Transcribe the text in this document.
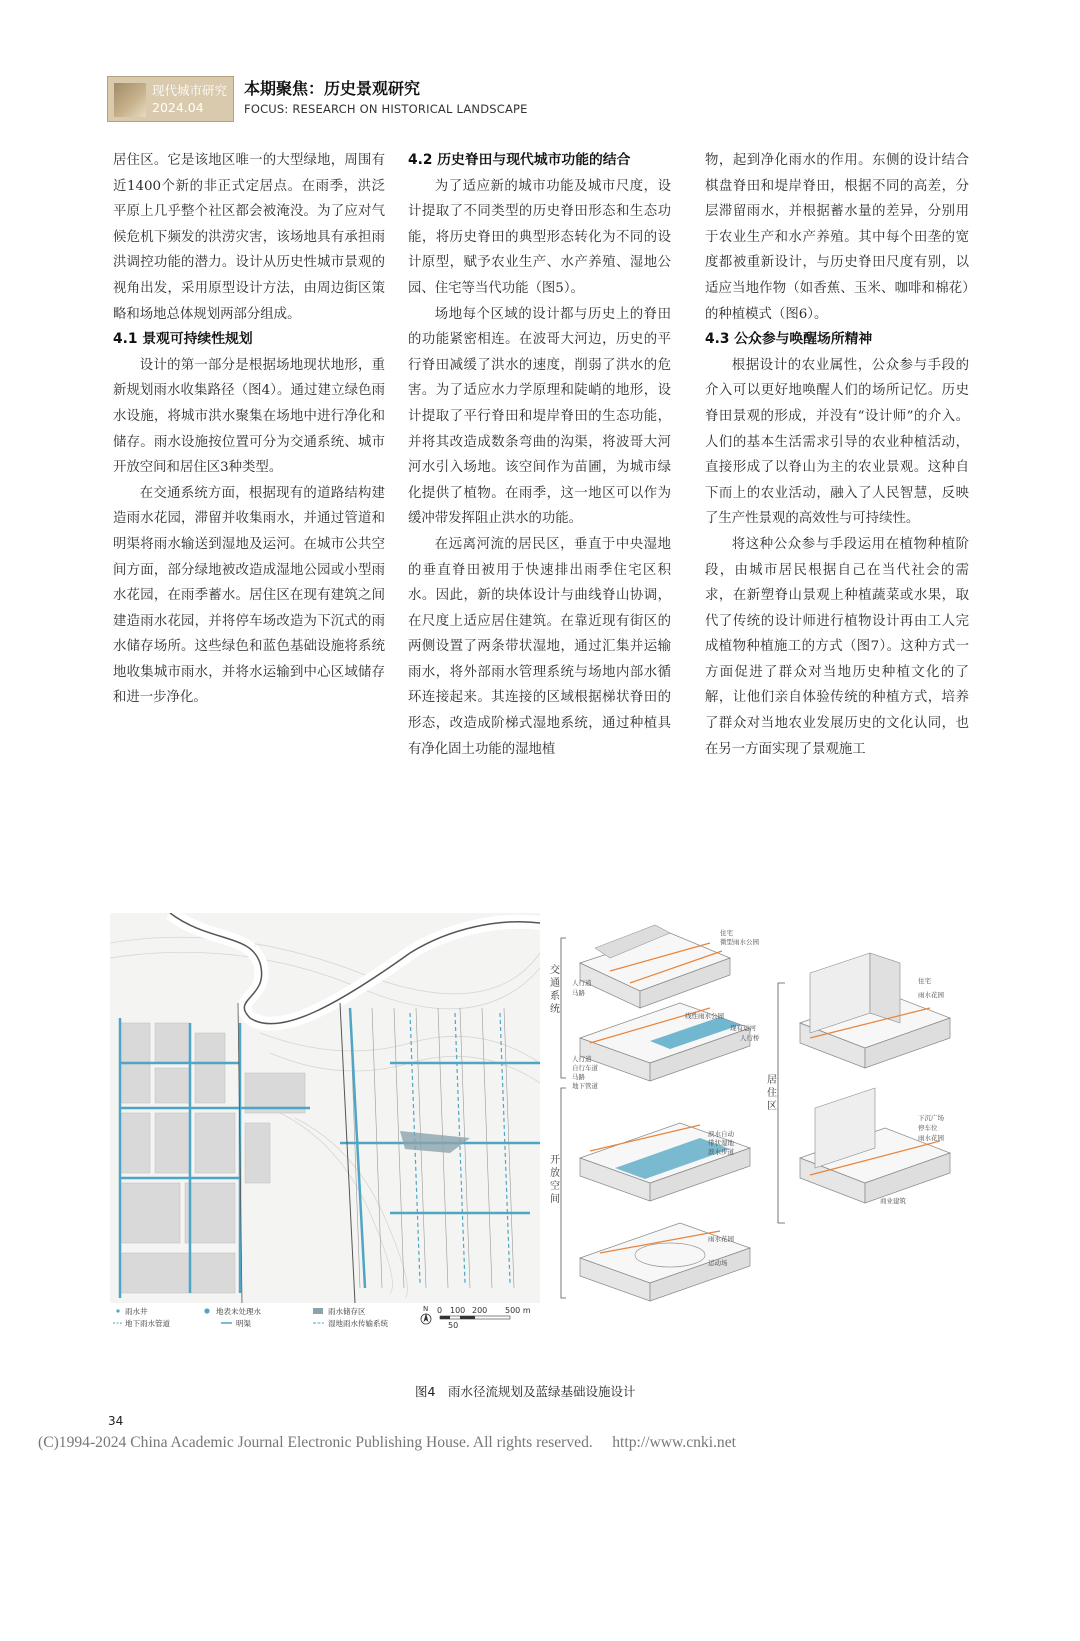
现代城市研究
2024.04
本期聚焦：历史景观研究
FOCUS: RESEARCH ON HISTORICAL LANDSCAPE

居住区。它是该地区唯一的大型绿地，周围有近1400个新的非正式定居点。在雨季，洪泛平原上几乎整个社区都会被淹没。为了应对气候危机下频发的洪涝灾害，该场地具有承担雨洪调控功能的潜力。设计从历史性城市景观的视角出发，采用原型设计方法，由周边街区策略和场地总体规划两部分组成。

4.1 景观可持续性规划

设计的第一部分是根据场地现状地形，重新规划雨水收集路径（图4）。通过建立绿色雨水设施，将城市洪水聚集在场地中进行净化和储存。雨水设施按位置可分为交通系统、城市开放空间和居住区3种类型。

在交通系统方面，根据现有的道路结构建造雨水花园，滞留并收集雨水，并通过管道和明渠将雨水输送到湿地及运河。在城市公共空间方面，部分绿地被改造成湿地公园或小型雨水花园，在雨季蓄水。居住区在现有建筑之间建造雨水花园，并将停车场改造为下沉式的雨水储存场所。这些绿色和蓝色基础设施将系统地收集城市雨水，并将水运输到中心区域储存和进一步净化。

4.2 历史脊田与现代城市功能的结合

为了适应新的城市功能及城市尺度，设计提取了不同类型的历史脊田形态和生态功能，将历史脊田的典型形态转化为不同的设计原型，赋予农业生产、水产养殖、湿地公园、住宅等当代功能（图5）。

场地每个区域的设计都与历史上的脊田的功能紧密相连。在波哥大河边，历史的平行脊田减缓了洪水的速度，削弱了洪水的危害。为了适应水力学原理和陡峭的地形，设计提取了平行脊田和堤岸脊田的生态功能，并将其改造成数条弯曲的沟渠，将波哥大河河水引入场地。该空间作为苗圃，为城市绿化提供了植物。在雨季，这一地区可以作为缓冲带发挥阻止洪水的功能。

在远离河流的居民区，垂直于中央湿地的垂直脊田被用于快速排出雨季住宅区积水。因此，新的块体设计与曲线脊山协调，在尺度上适应居住建筑。在靠近现有街区的两侧设置了两条带状湿地，通过汇集并运输雨水，将外部雨水管理系统与场地内部水循环连接起来。其连接的区域根据梯状脊田的形态，改造成阶梯式湿地系统，通过种植具有净化固土功能的湿地植

物，起到净化雨水的作用。东侧的设计结合棋盘脊田和堤岸脊田，根据不同的高差，分层滞留雨水，并根据蓄水量的差异，分别用于农业生产和水产养殖。其中每个田垄的宽度都被重新设计，与历史脊田尺度有别，以适应当地作物（如香蕉、玉米、咖啡和棉花）的种植模式（图6）。

4.3 公众参与唤醒场所精神

根据设计的农业属性，公众参与手段的介入可以更好地唤醒人们的场所记忆。历史脊田景观的形成，并没有“设计师”的介入。人们的基本生活需求引导的农业种植活动，直接形成了以脊山为主的农业景观。这种自下而上的农业活动，融入了人民智慧，反映了生产性景观的高效性与可持续性。

将这种公众参与手段运用在植物种植阶段，由城市居民根据自己在当代社会的需求，在新塑脊山景观上种植蔬菜或水果，取代了传统的设计师进行植物设计再由工人完成植物种植施工的方式（图7）。这种方式一方面促进了群众对当地历史种植文化的了解，让他们亲自体验传统的种植方式，培养了群众对当地农业发展历史的文化认同，也在另一方面实现了景观施工

雨水井	地表未处理水	雨水储存区
地下雨水管道	明渠	湿地雨水传输系统
N 0 100 200 500 m
50
交通系统
开放空间
居住区
住宅
微型雨水公园
人行道
马路
线性雨水公园
现有运河
人行桥
人行道
自行车道
马路
地下管道
滨水自动
带状湿地
滨水步道
雨水花园
运动场
住宅
雨水花园
下沉广场
停车位
雨水花园
商业建筑
图4　雨水径流规划及蓝绿基础设施设计
34
(C)1994-2024 China Academic Journal Electronic Publishing House. All rights reserved.　 http://www.cnki.net
